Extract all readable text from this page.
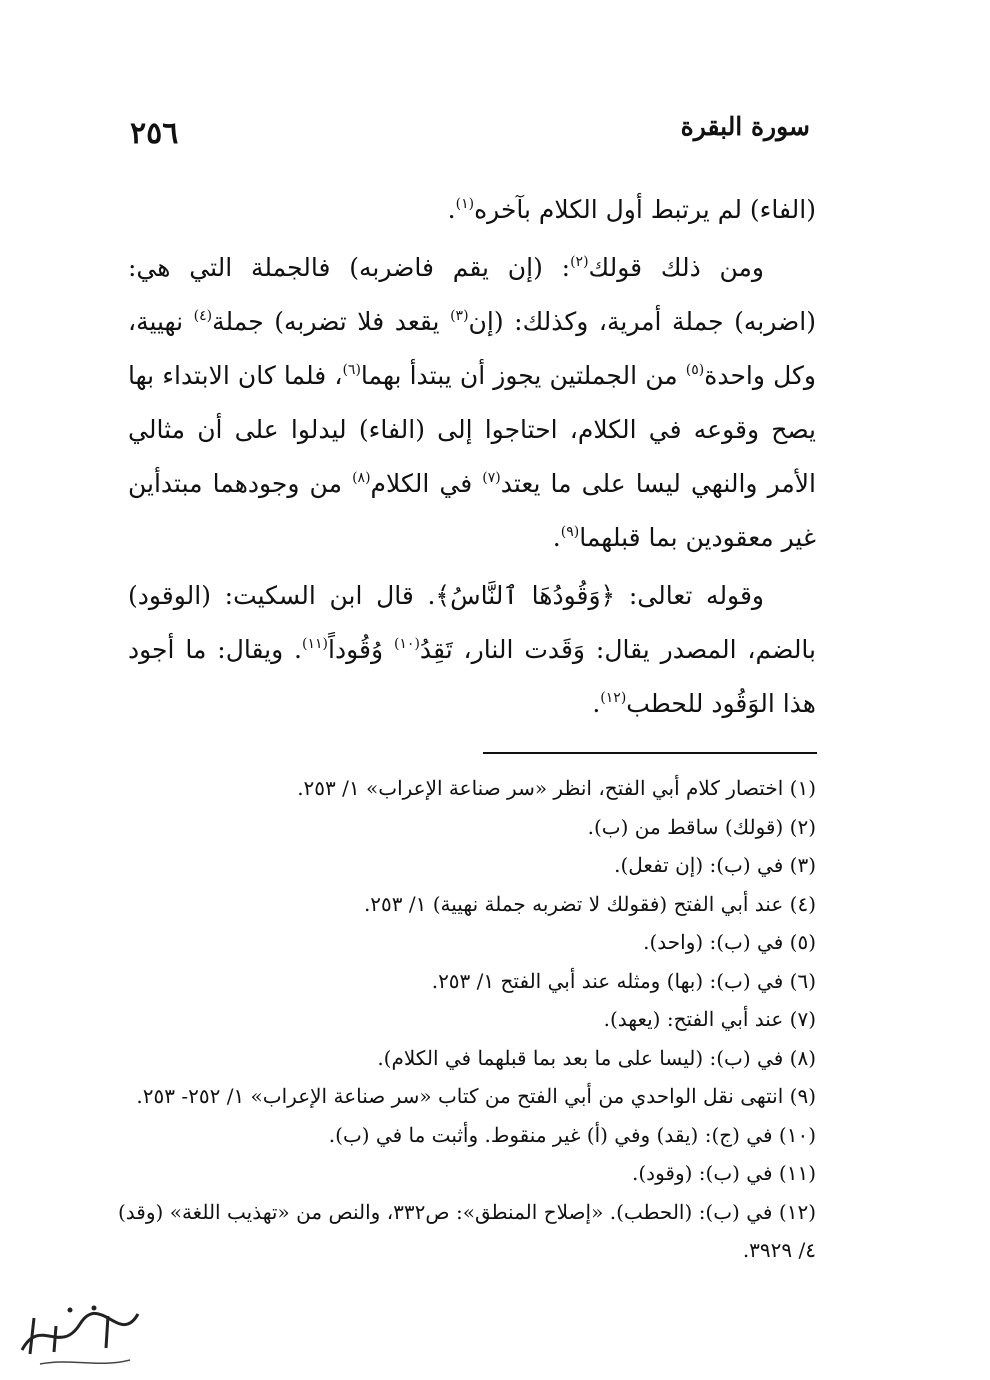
سورة البقرة
٢٥٦

(الفاء) لم يرتبط أول الكلام بآخره$^{(١)}$.

ومن ذلك قولك$^{(٢)}$: (إن يقم فاضربه) فالجملة التي هي: (اضربه) جملة أمرية، وكذلك: (إن$^{(٣)}$ يقعد فلا تضربه) جملة$^{(٤)}$ نهيية، وكل واحدة$^{(٥)}$ من الجملتين يجوز أن يبتدأ بهما$^{(٦)}$، فلما كان الابتداء بها يصح وقوعه في الكلام، احتاجوا إلى (الفاء) ليدلوا على أن مثالي الأمر والنهي ليسا على ما يعتد$^{(٧)}$ في الكلام$^{(٨)}$ من وجودهما مبتدأين غير معقودين بما قبلهما$^{(٩)}$.

وقوله تعالى: ﴿وَقُودُهَا ٱلنَّاسُ﴾. قال ابن السكيت: (الوقود) بالضم، المصدر يقال: وَقَدت النار، تَقِدُ$^{(١٠)}$ وُقُوداً$^{(١١)}$. ويقال: ما أجود هذا الوَقُود للحطب$^{(١٢)}$.

(١) اختصار كلام أبي الفتح، انظر «سر صناعة الإعراب» ١/ ٢٥٣.
(٢) (قولك) ساقط من (ب).
(٣) في (ب): (إن تفعل).
(٤) عند أبي الفتح (فقولك لا تضربه جملة نهيية) ١/ ٢٥٣.
(٥) في (ب): (واحد).
(٦) في (ب): (بها) ومثله عند أبي الفتح ١/ ٢٥٣.
(٧) عند أبي الفتح: (يعهد).
(٨) في (ب): (ليسا على ما بعد بما قبلهما في الكلام).
(٩) انتهى نقل الواحدي من أبي الفتح من كتاب «سر صناعة الإعراب» ١/ ٢٥٢- ٢٥٣.
(١٠) في (ج): (يقد) وفي (أ) غير منقوط. وأثبت ما في (ب).
(١١) في (ب): (وقود).
(١٢) في (ب): (الحطب). «إصلاح المنطق»: ص٣٣٢، والنص من «تهذيب اللغة» (وقد) ٤/ ٣٩٢٩.
